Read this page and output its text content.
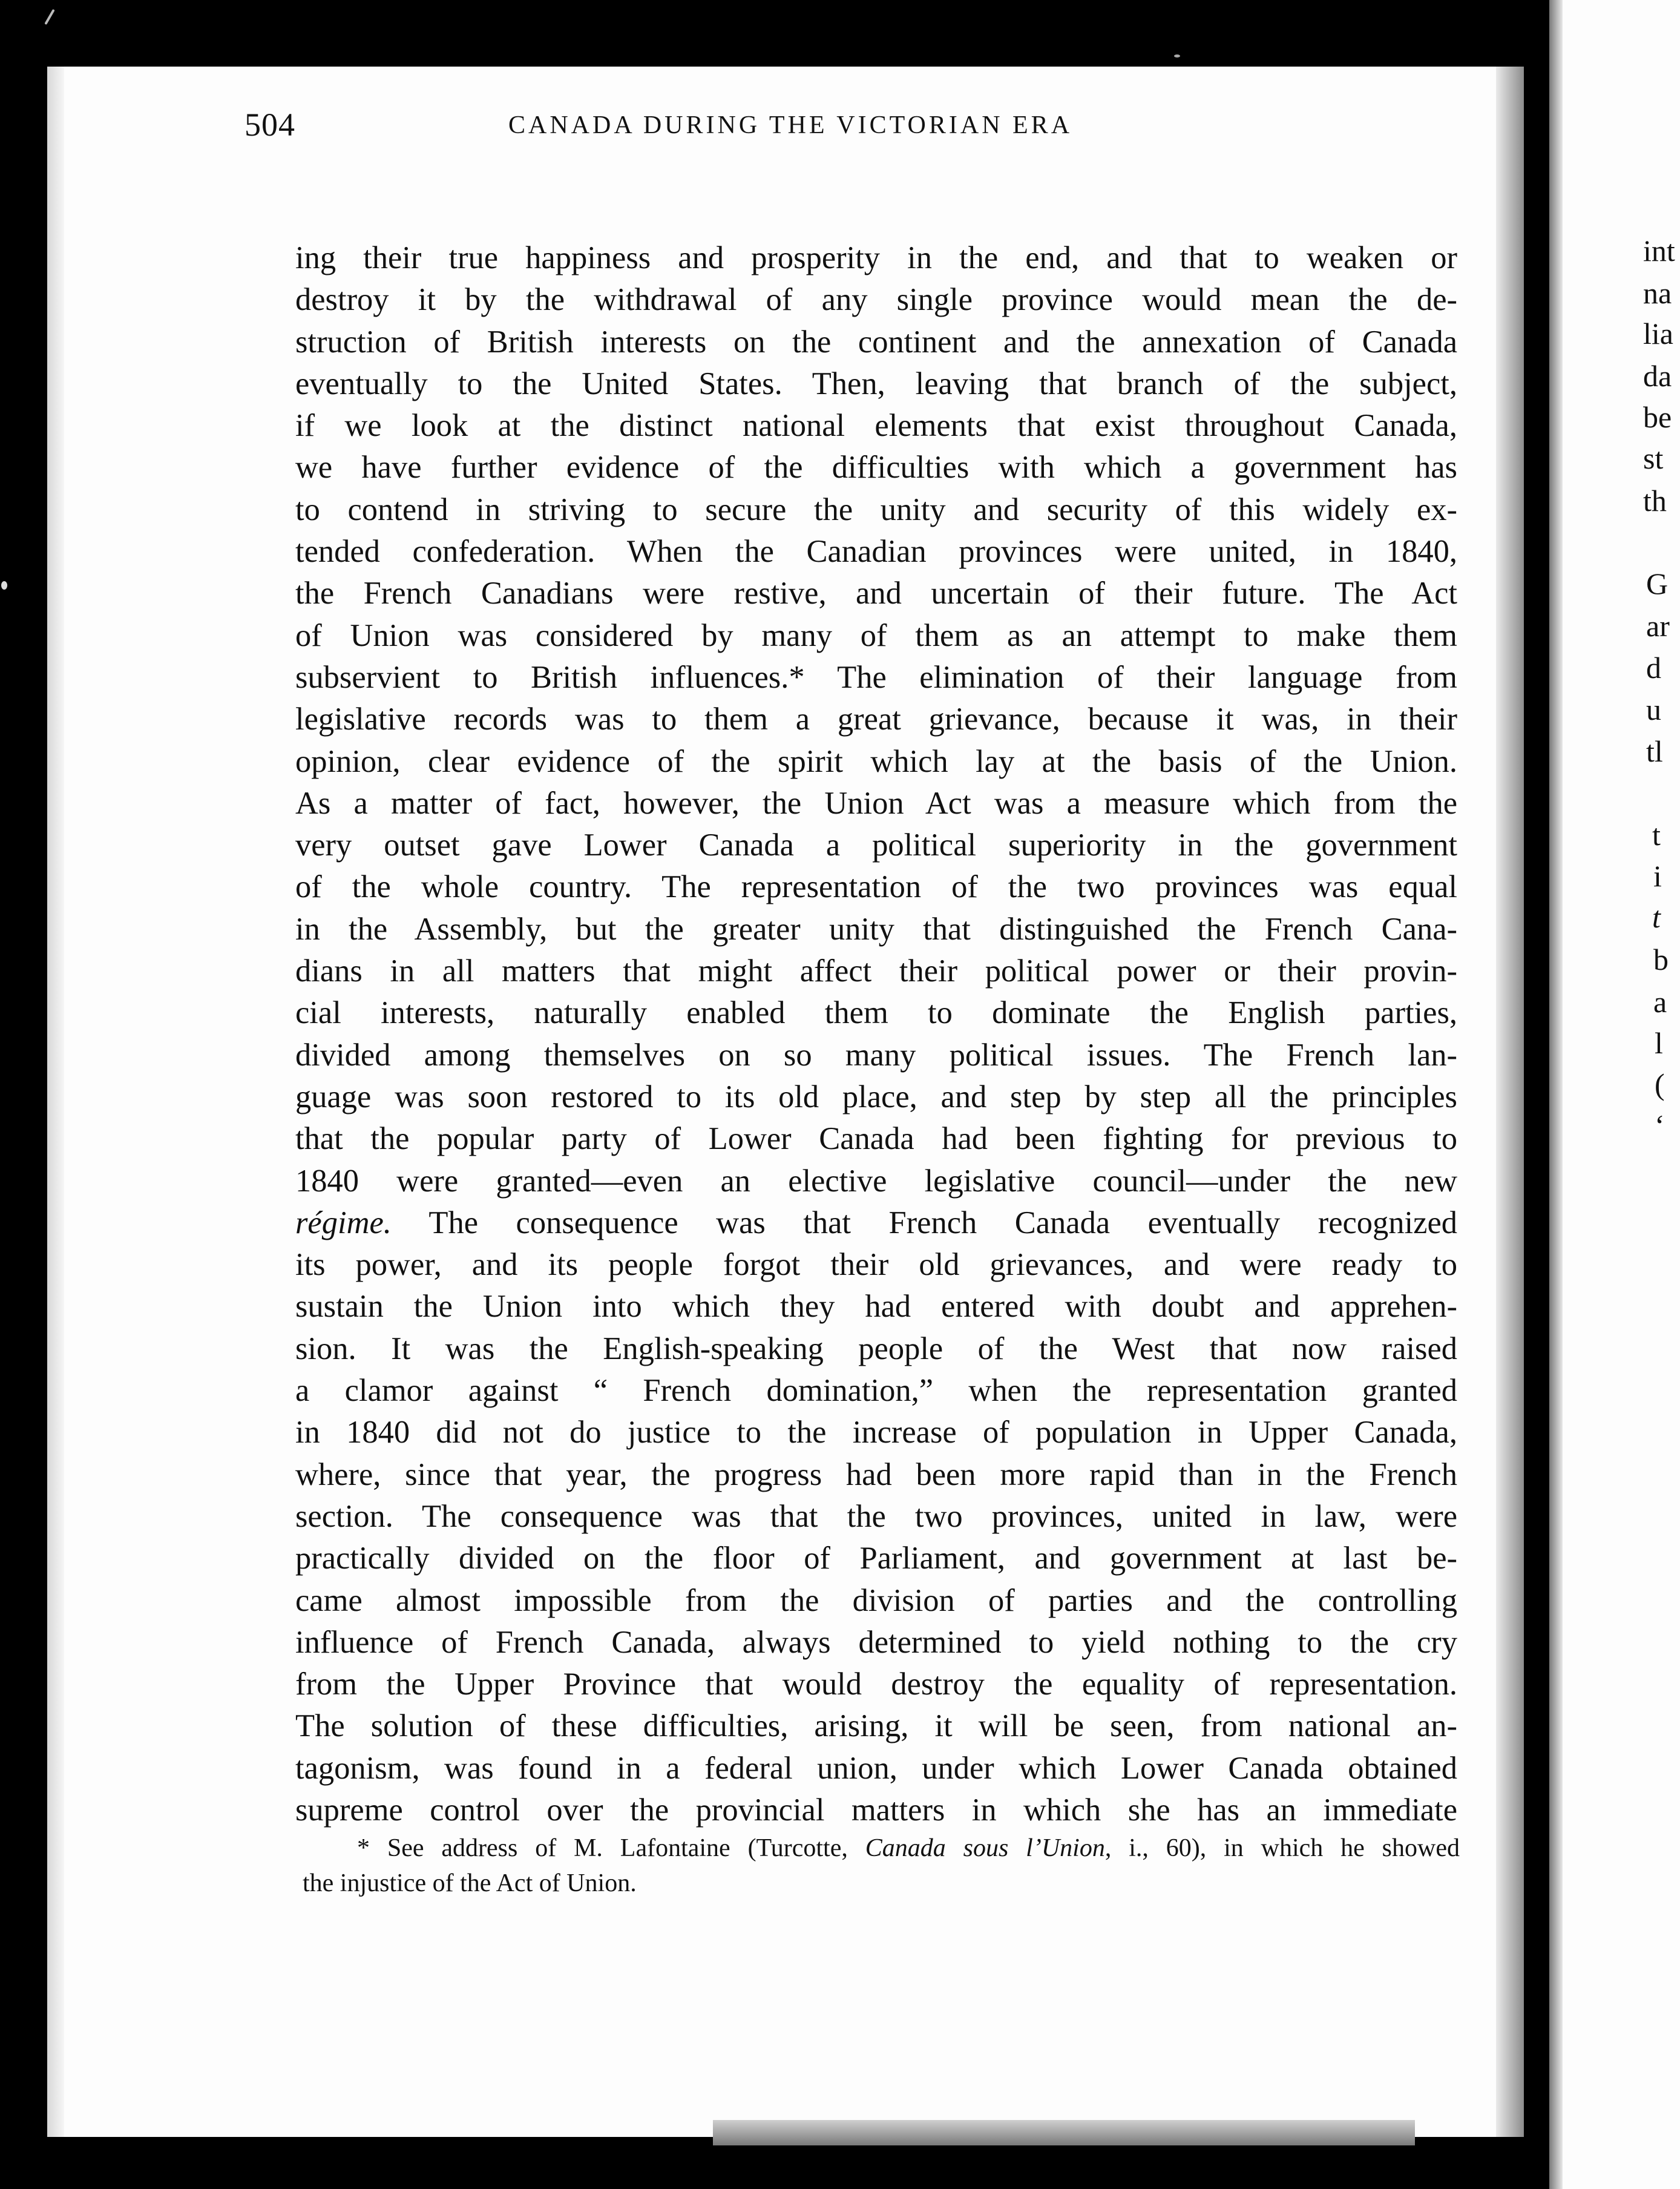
int
na
lia
da
be
st
th
G
ar
d
u
tl
t
i
t
b
a
l
(
‘
504	CANADA DURING THE VICTORIAN ERA
ing their true happiness and prosperity in the end, and that to weaken or
destroy it by the withdrawal of any single province would mean the de-
struction of British interests on the continent and the annexation of Canada
eventually to the United States. Then, leaving that branch of the subject,
if we look at the distinct national elements that exist throughout Canada,
we have further evidence of the difficulties with which a government has
to contend in striving to secure the unity and security of this widely ex-
tended confederation. When the Canadian provinces were united, in 1840,
the French Canadians were restive, and uncertain of their future. The Act
of Union was considered by many of them as an attempt to make them
subservient to British influences.* The elimination of their language from
legislative records was to them a great grievance, because it was, in their
opinion, clear evidence of the spirit which lay at the basis of the Union.
As a matter of fact, however, the Union Act was a measure which from the
very outset gave Lower Canada a political superiority in the government
of the whole country. The representation of the two provinces was equal
in the Assembly, but the greater unity that distinguished the French Cana-
dians in all matters that might affect their political power or their provin-
cial interests, naturally enabled them to dominate the English parties,
divided among themselves on so many political issues. The French lan-
guage was soon restored to its old place, and step by step all the principles
that the popular party of Lower Canada had been fighting for previous to
1840 were granted—even an elective legislative council—under the new
régime. The consequence was that French Canada eventually recognized
its power, and its people forgot their old grievances, and were ready to
sustain the Union into which they had entered with doubt and apprehen-
sion. It was the English-speaking people of the West that now raised
a clamor against “ French domination,” when the representation granted
in 1840 did not do justice to the increase of population in Upper Canada,
where, since that year, the progress had been more rapid than in the French
section. The consequence was that the two provinces, united in law, were
practically divided on the floor of Parliament, and government at last be-
came almost impossible from the division of parties and the controlling
influence of French Canada, always determined to yield nothing to the cry
from the Upper Province that would destroy the equality of representation.
The solution of these difficulties, arising, it will be seen, from national an-
tagonism, was found in a federal union, under which Lower Canada obtained
supreme control over the provincial matters in which she has an immediate
* See address of M. Lafontaine (Turcotte, Canada sous l’Union, i., 60), in which he showed
the injustice of the Act of Union.
